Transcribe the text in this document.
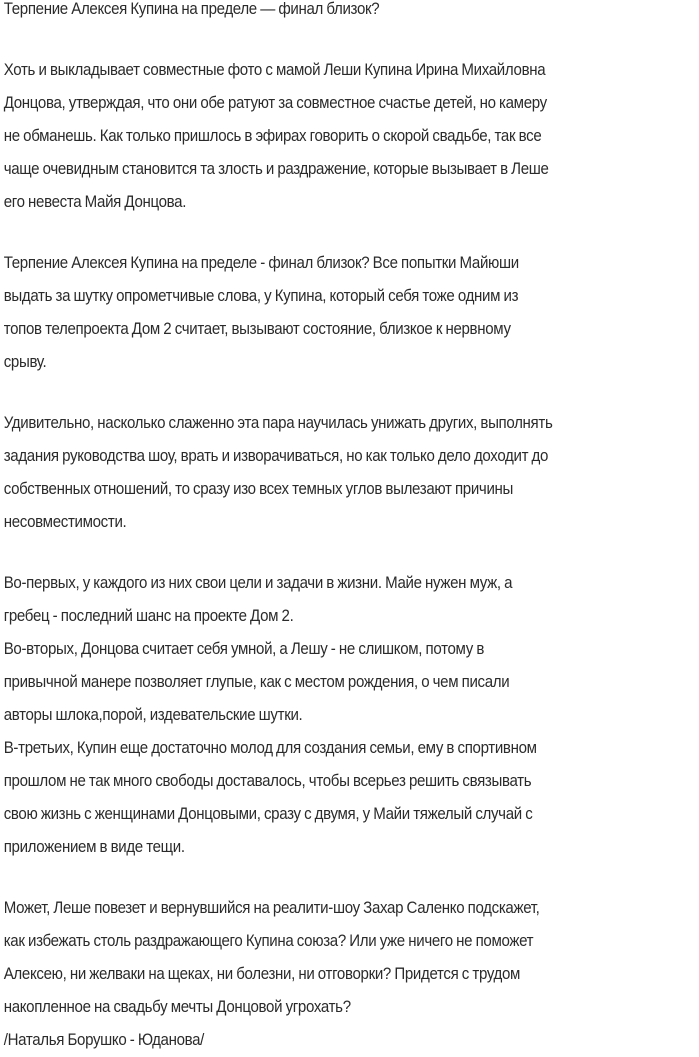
Терпение Алексея Купина на пределе — финал близок?

Хоть и выкладывает совместные фото с мамой Леши Купина Ирина Михайловна
Донцова, утверждая, что они обе ратуют за совместное счастье детей, но камеру
не обманешь. Как только пришлось в эфирах говорить о скорой свадьбе, так все
чаще очевидным становится та злость и раздражение, которые вызывает в Леше
его невеста Майя Донцова.

Терпение Алексея Купина на пределе - финал близок? Все попытки Майюши
выдать за шутку опрометчивые слова, у Купина, который себя тоже одним из
топов телепроекта Дом 2 считает, вызывают состояние, близкое к нервному
срыву.

Удивительно, насколько слаженно эта пара научилась унижать других, выполнять
задания руководства шоу, врать и изворачиваться, но как только дело доходит до
собственных отношений, то сразу изо всех темных углов вылезают причины
несовместимости.

Во-первых, у каждого из них свои цели и задачи в жизни. Майе нужен муж, а
гребец - последний шанс на проекте Дом 2.
Во-вторых, Донцова считает себя умной, а Лешу - не слишком, потому в
привычной манере позволяет глупые, как с местом рождения, о чем писали
авторы шлока,порой, издевательские шутки.
В-третьих, Купин еще достаточно молод для создания семьи, ему в спортивном
прошлом не так много свободы доставалось, чтобы всерьез решить связывать
свою жизнь с женщинами Донцовыми, сразу с двумя, у Майи тяжелый случай с
приложением в виде тещи.

Может, Леше повезет и вернувшийся на реалити-шоу Захар Саленко подскажет,
как избежать столь раздражающего Купина союза? Или уже ничего не поможет
Алексею, ни желваки на щеках, ни болезни, ни отговорки? Придется с трудом
накопленное на свадьбу мечты Донцовой угрохать?
/Наталья Борушко - Юданова/
